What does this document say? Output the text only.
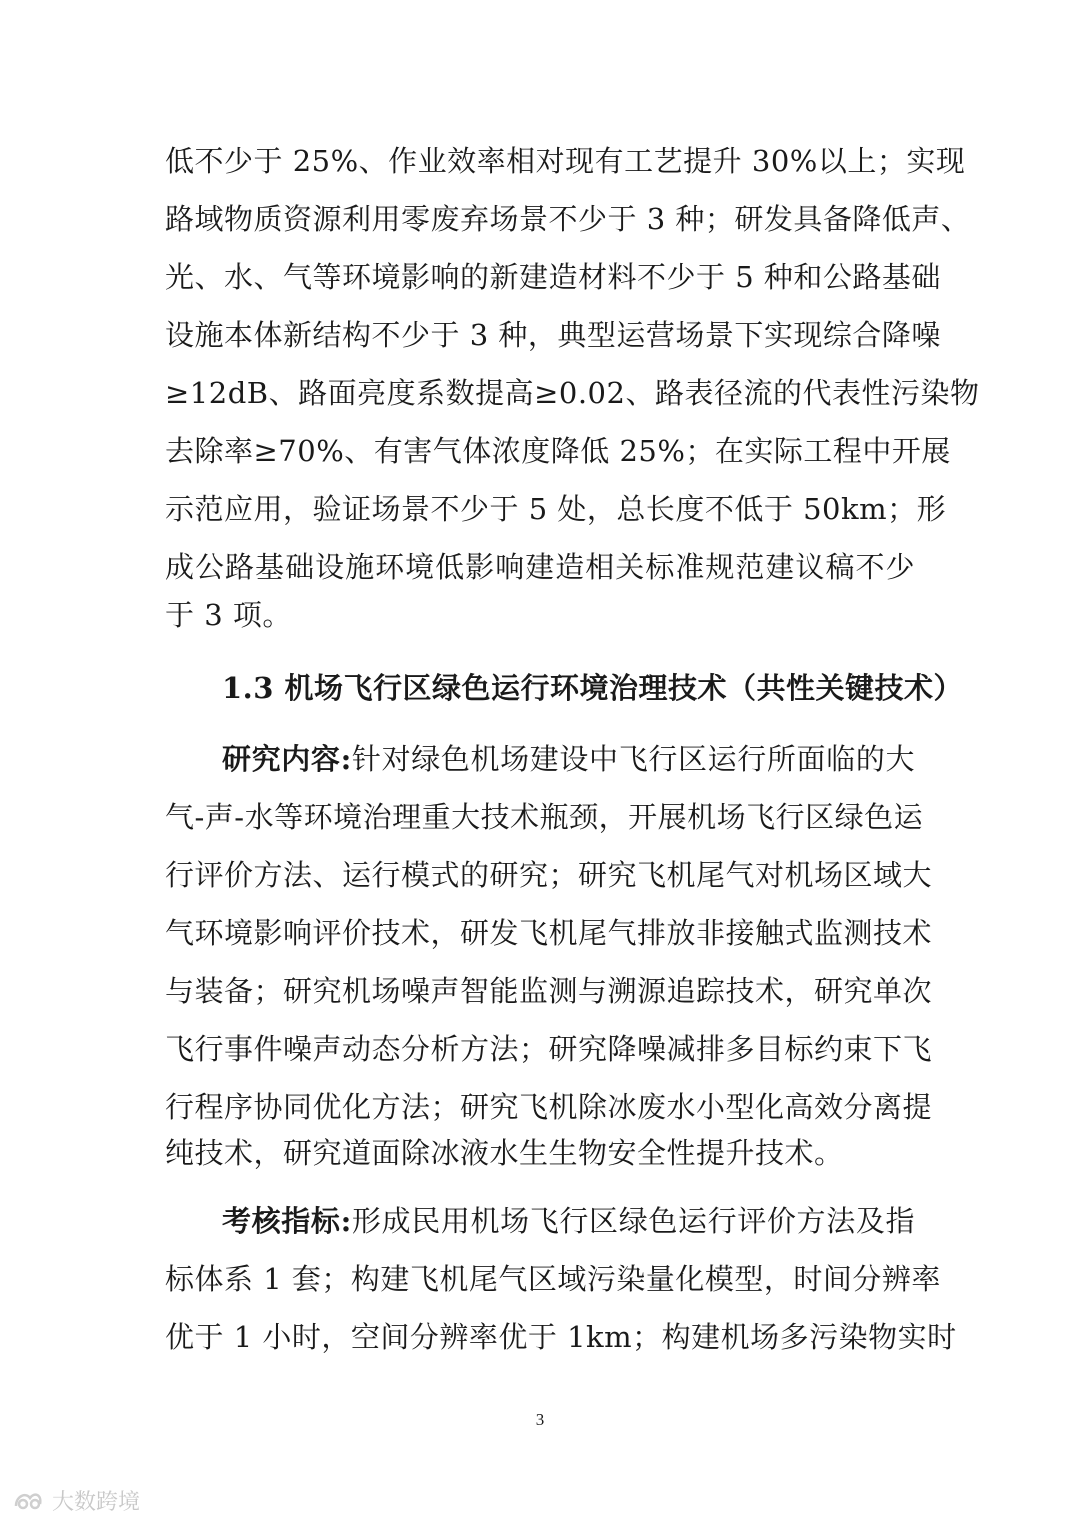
低不少于 25%、作业效率相对现有工艺提升 30%以上；实现
路域物质资源利用零废弃场景不少于 3 种；研发具备降低声、
光、水、气等环境影响的新建造材料不少于 5 种和公路基础
设施本体新结构不少于 3 种，典型运营场景下实现综合降噪
≥12dB、路面亮度系数提高≥0.02、路表径流的代表性污染物
去除率≥70%、有害气体浓度降低 25%；在实际工程中开展
示范应用，验证场景不少于 5 处，总长度不低于 50km；形
成公路基础设施环境低影响建造相关标准规范建议稿不少
于 3 项。
1.3 机场飞行区绿色运行环境治理技术（共性关键技术）
研究内容:针对绿色机场建设中飞行区运行所面临的大
气-声-水等环境治理重大技术瓶颈，开展机场飞行区绿色运
行评价方法、运行模式的研究；研究飞机尾气对机场区域大
气环境影响评价技术，研发飞机尾气排放非接触式监测技术
与装备；研究机场噪声智能监测与溯源追踪技术，研究单次
飞行事件噪声动态分析方法；研究降噪减排多目标约束下飞
行程序协同优化方法；研究飞机除冰废水小型化高效分离提
纯技术，研究道面除冰液水生生物安全性提升技术。
考核指标:形成民用机场飞行区绿色运行评价方法及指
标体系 1 套；构建飞机尾气区域污染量化模型，时间分辨率
优于 1 小时，空间分辨率优于 1km；构建机场多污染物实时
3
大数跨境
